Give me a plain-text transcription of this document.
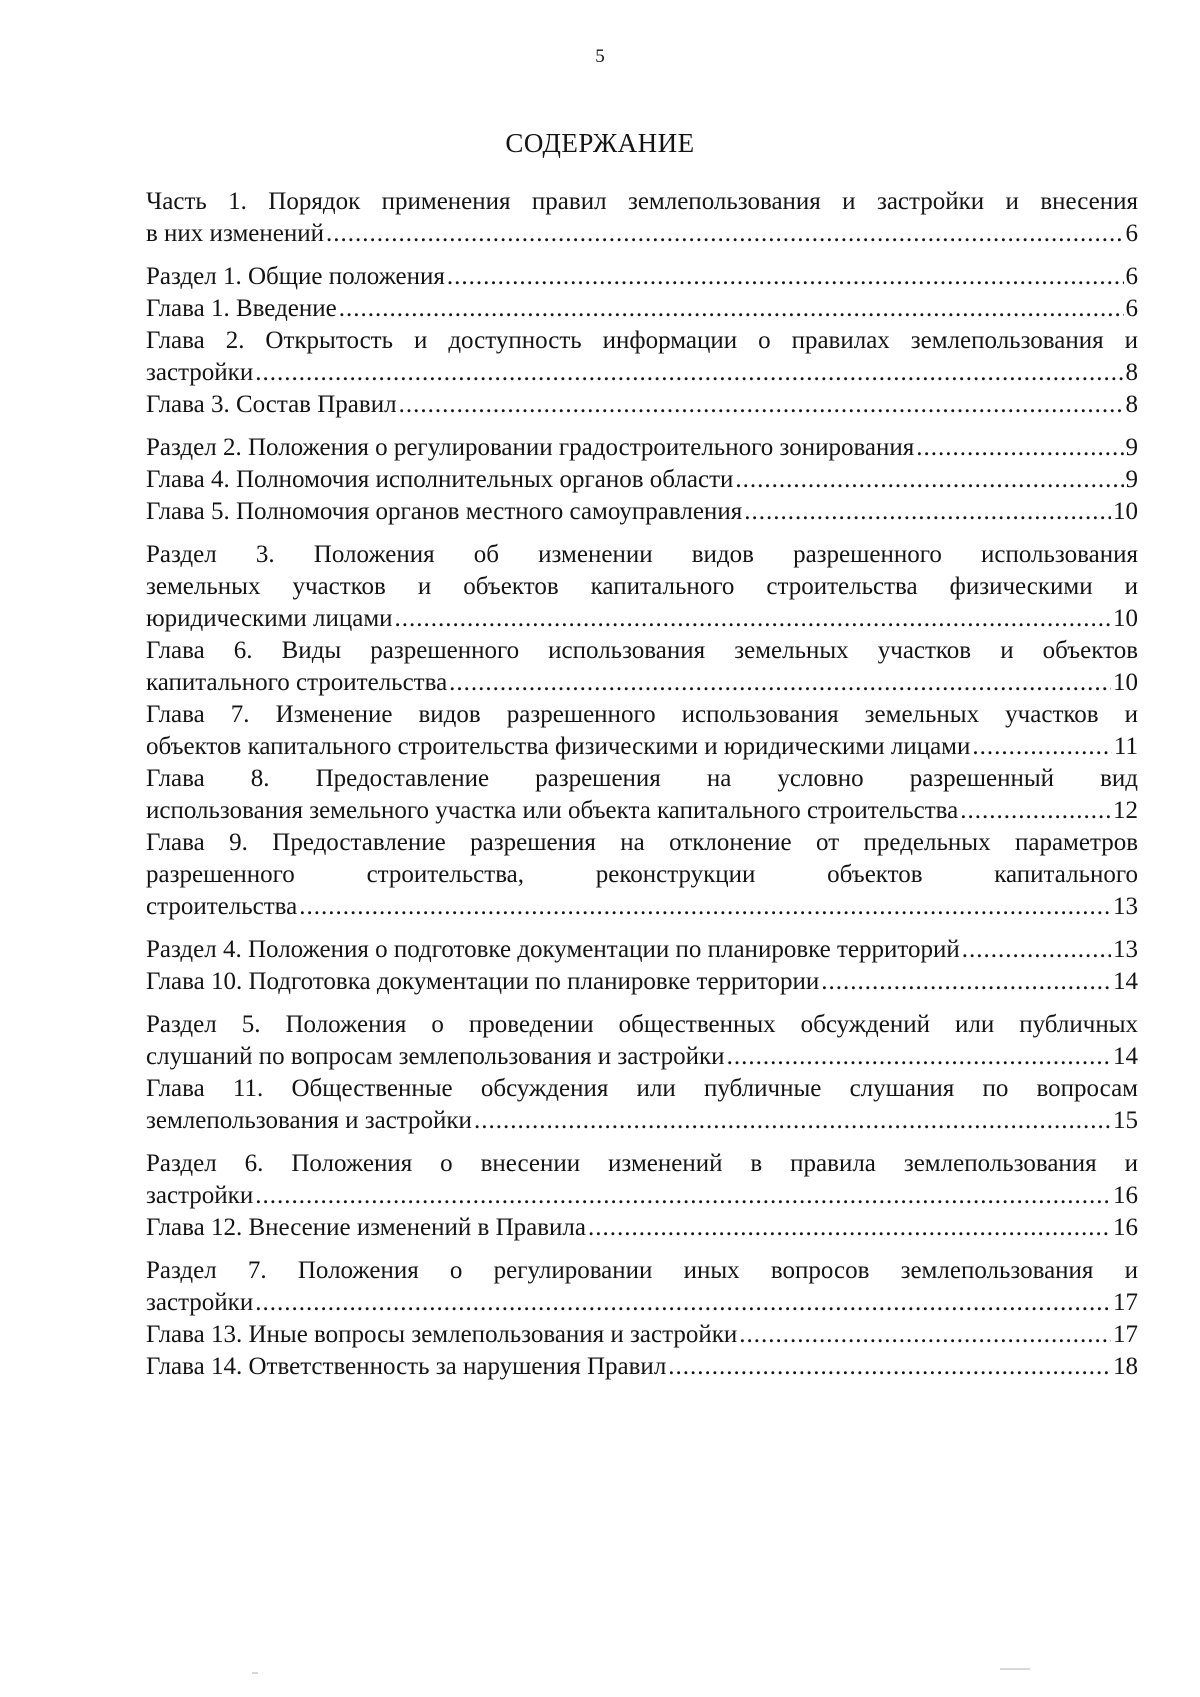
5
СОДЕРЖАНИЕ
Часть 1. Порядок применения правил землепользования и застройки и внесения
в них изменений .....	6
Раздел 1. Общие положения .....	6
Глава 1. Введение .....	6
Глава 2. Открытость и доступность информации о правилах землепользования и
застройки .....	8
Глава 3. Состав Правил .....	8
Раздел 2. Положения о регулировании градостроительного зонирования .....	9
Глава 4. Полномочия исполнительных органов области .....	9
Глава 5. Полномочия органов местного самоуправления .....	10
Раздел 3. Положения об изменении видов разрешенного использования
земельных участков и объектов капитального строительства физическими и
юридическими лицами .....	10
Глава 6. Виды разрешенного использования земельных участков и объектов
капитального строительства .....	10
Глава 7. Изменение видов разрешенного использования земельных участков и
объектов капитального строительства физическими и юридическими лицами .....	11
Глава 8. Предоставление разрешения на условно разрешенный вид
использования земельного участка или объекта капитального строительства .....	12
Глава 9. Предоставление разрешения на отклонение от предельных параметров
разрешенного строительства, реконструкции объектов капитального
строительства .....	13
Раздел 4. Положения о подготовке документации по планировке территорий .....	13
Глава 10. Подготовка документации по планировке территории .....	14
Раздел 5. Положения о проведении общественных обсуждений или публичных
слушаний по вопросам землепользования и застройки .....	14
Глава 11. Общественные обсуждения или публичные слушания по вопросам
землепользования и застройки .....	15
Раздел 6. Положения о внесении изменений в правила землепользования и
застройки .....	16
Глава 12. Внесение изменений в Правила .....	16
Раздел 7. Положения о регулировании иных вопросов землепользования и
застройки .....	17
Глава 13. Иные вопросы землепользования и застройки .....	17
Глава 14. Ответственность за нарушения Правил .....	18
